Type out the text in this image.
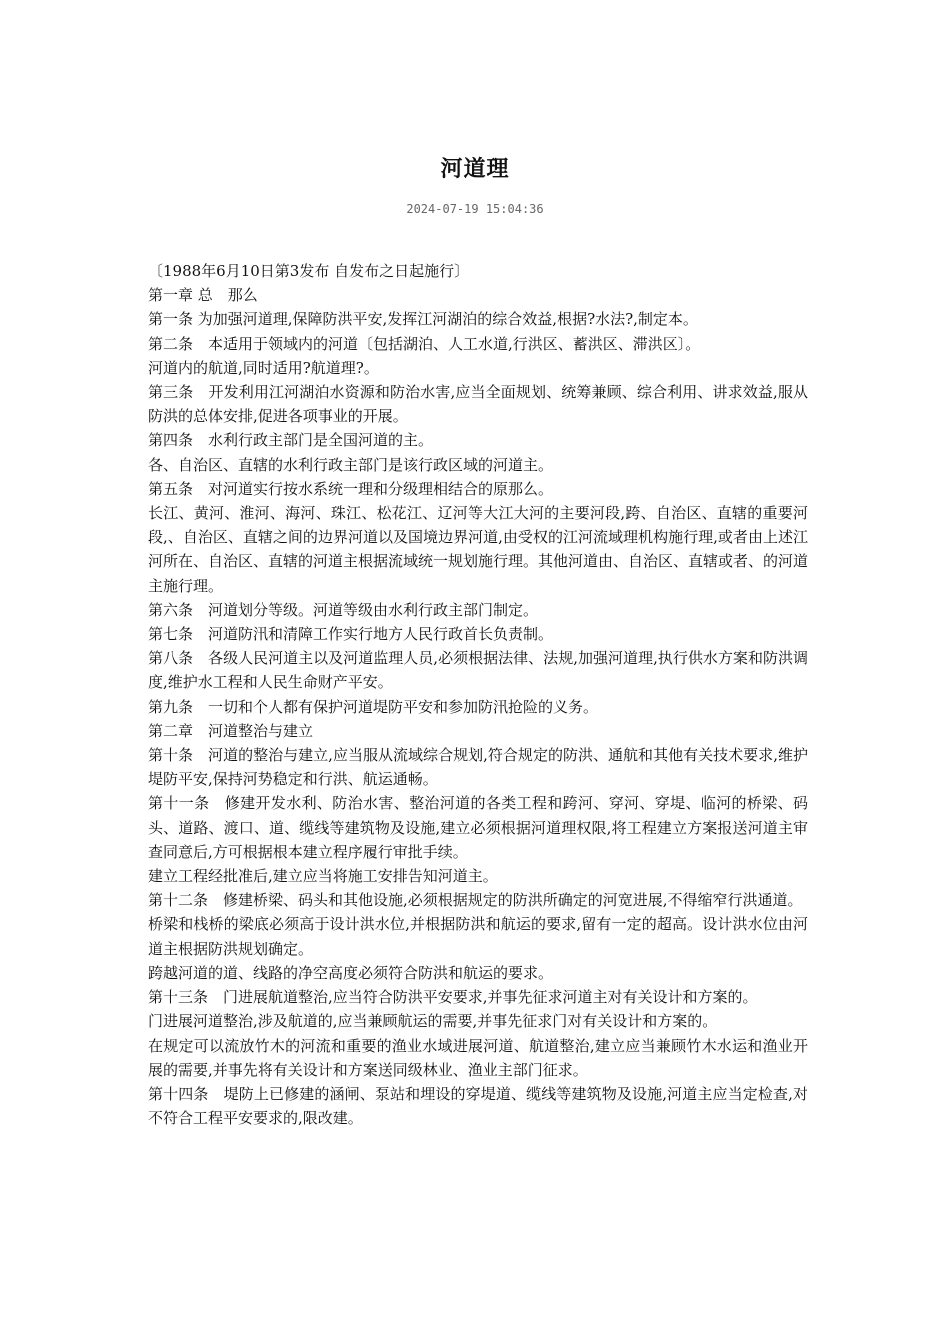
河道理
2024-07-19 15:04:36

〔1988年6月10日第3发布 自发布之日起施行〕

第一章 总　那么

第一条 为加强河道理,保障防洪平安,发挥江河湖泊的综合效益,根据?水法?,制定本。

第二条　本适用于领域内的河道〔包括湖泊、人工水道,行洪区、蓄洪区、滞洪区〕。

河道内的航道,同时适用?航道理?。

第三条　开发利用江河湖泊水资源和防治水害,应当全面规划、统筹兼顾、综合利用、讲求效益,服从防洪的总体安排,促进各项事业的开展。

第四条　水利行政主部门是全国河道的主。

各、自治区、直辖的水利行政主部门是该行政区域的河道主。

第五条　对河道实行按水系统一理和分级理相结合的原那么。

长江、黄河、淮河、海河、珠江、松花江、辽河等大江大河的主要河段,跨、自治区、直辖的重要河段,、自治区、直辖之间的边界河道以及国境边界河道,由受权的江河流域理机构施行理,或者由上述江河所在、自治区、直辖的河道主根据流域统一规划施行理。其他河道由、自治区、直辖或者、的河道主施行理。

第六条　河道划分等级。河道等级由水利行政主部门制定。

第七条　河道防汛和清障工作实行地方人民行政首长负责制。

第八条　各级人民河道主以及河道监理人员,必须根据法律、法规,加强河道理,执行供水方案和防洪调度,维护水工程和人民生命财产平安。

第九条　一切和个人都有保护河道堤防平安和参加防汛抢险的义务。

第二章　河道整治与建立

第十条　河道的整治与建立,应当服从流域综合规划,符合规定的防洪、通航和其他有关技术要求,维护堤防平安,保持河势稳定和行洪、航运通畅。

第十一条　修建开发水利、防治水害、整治河道的各类工程和跨河、穿河、穿堤、临河的桥梁、码头、道路、渡口、道、缆线等建筑物及设施,建立必须根据河道理权限,将工程建立方案报送河道主审查同意后,方可根据根本建立程序履行审批手续。

建立工程经批准后,建立应当将施工安排告知河道主。

第十二条　修建桥梁、码头和其他设施,必须根据规定的防洪所确定的河宽进展,不得缩窄行洪通道。

桥梁和栈桥的梁底必须高于设计洪水位,并根据防洪和航运的要求,留有一定的超高。设计洪水位由河道主根据防洪规划确定。

跨越河道的道、线路的净空高度必须符合防洪和航运的要求。

第十三条　门进展航道整治,应当符合防洪平安要求,并事先征求河道主对有关设计和方案的。

门进展河道整治,涉及航道的,应当兼顾航运的需要,并事先征求门对有关设计和方案的。

在规定可以流放竹木的河流和重要的渔业水域进展河道、航道整治,建立应当兼顾竹木水运和渔业开展的需要,并事先将有关设计和方案送同级林业、渔业主部门征求。

第十四条　堤防上已修建的涵闸、泵站和埋设的穿堤道、缆线等建筑物及设施,河道主应当定检查,对不符合工程平安要求的,限改建。
